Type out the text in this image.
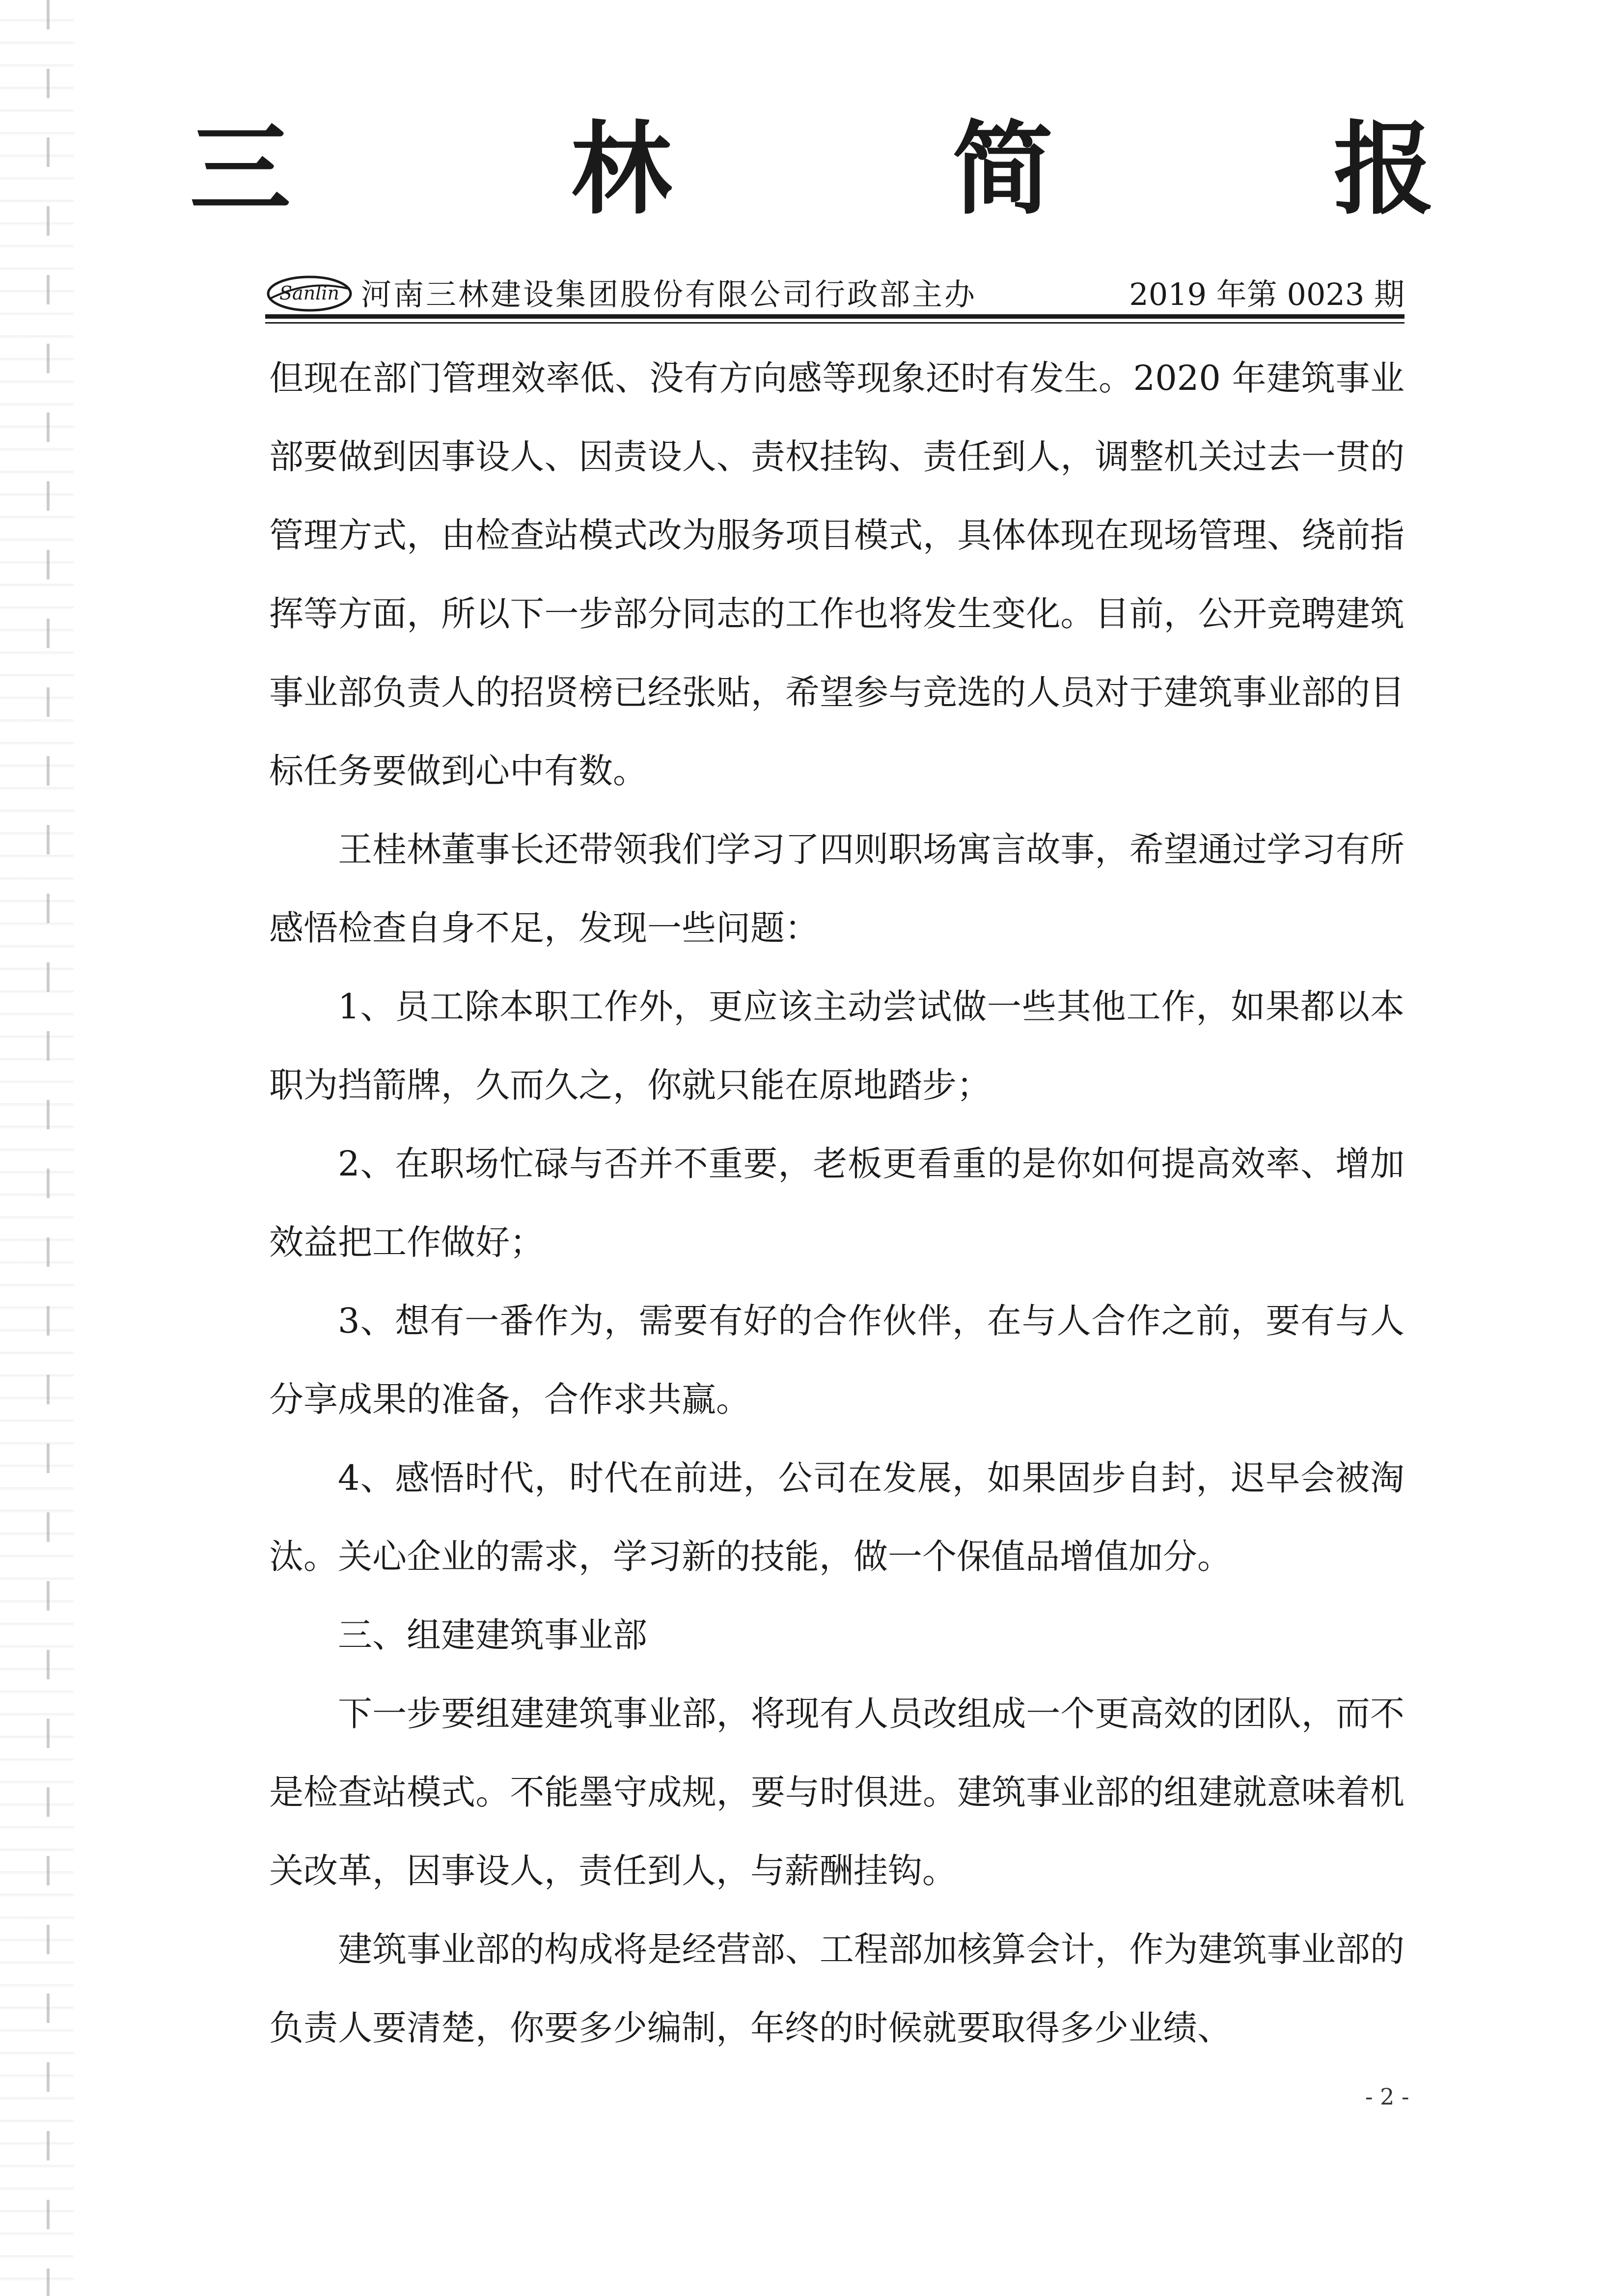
三 林 简 报
Sanlin 河南三林建设集团股份有限公司行政部主办	2019 年第 0023 期

但现在部门管理效率低、没有方向感等现象还时有发生。2020 年建筑事业部要做到因事设人、因责设人、责权挂钩、责任到人，调整机关过去一贯的管理方式，由检查站模式改为服务项目模式，具体体现在现场管理、绕前指挥等方面，所以下一步部分同志的工作也将发生变化。目前，公开竞聘建筑事业部负责人的招贤榜已经张贴，希望参与竞选的人员对于建筑事业部的目标任务要做到心中有数。

王桂林董事长还带领我们学习了四则职场寓言故事，希望通过学习有所感悟检查自身不足，发现一些问题：

1、员工除本职工作外，更应该主动尝试做一些其他工作，如果都以本职为挡箭牌，久而久之，你就只能在原地踏步；

2、在职场忙碌与否并不重要，老板更看重的是你如何提高效率、增加效益把工作做好；

3、想有一番作为，需要有好的合作伙伴，在与人合作之前，要有与人分享成果的准备，合作求共赢。

4、感悟时代，时代在前进，公司在发展，如果固步自封，迟早会被淘汰。关心企业的需求，学习新的技能，做一个保值品增值加分。

三、组建建筑事业部

下一步要组建建筑事业部，将现有人员改组成一个更高效的团队，而不是检查站模式。不能墨守成规，要与时俱进。建筑事业部的组建就意味着机关改革，因事设人，责任到人，与薪酬挂钩。

建筑事业部的构成将是经营部、工程部加核算会计，作为建筑事业部的负责人要清楚，你要多少编制，年终的时候就要取得多少业绩、

- 2 -
